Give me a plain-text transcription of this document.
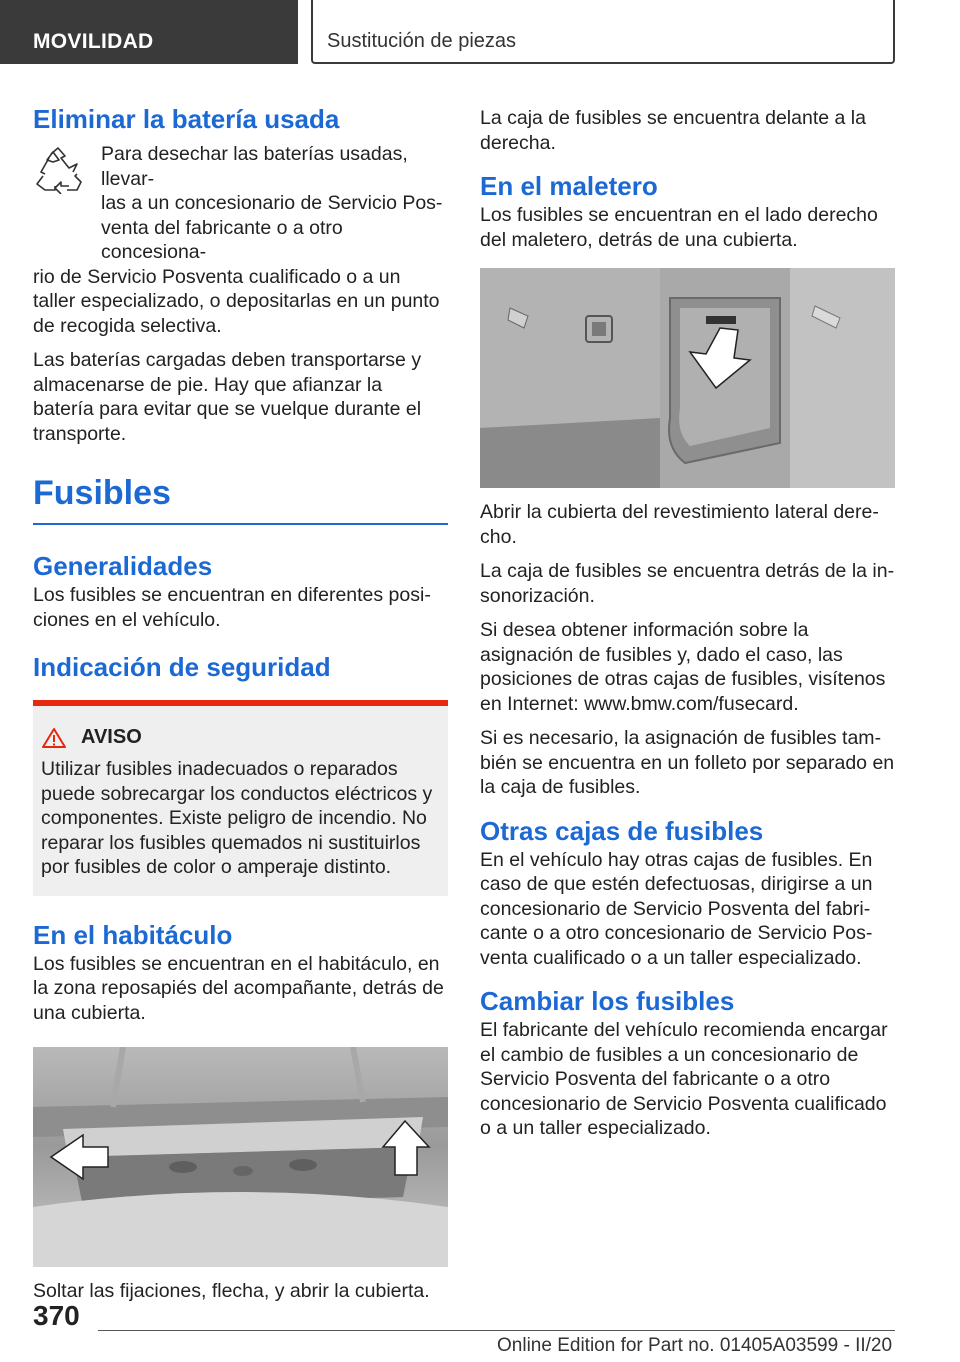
MOVILIDAD	Sustitución de piezas
Eliminar la batería usada

Para desechar las baterías usadas, llevar-

las a un concesionario de Servicio Pos-

venta del fabricante o a otro concesiona-

rio de Servicio Posventa cualificado o a un taller especializado, o depositarlas en un punto de recogida selectiva.

Las baterías cargadas deben transportarse y almacenarse de pie. Hay que afianzar la batería para evitar que se vuelque durante el transporte.

Fusibles
Generalidades

Los fusibles se encuentran en diferentes posiciones en el vehículo.

Indicación de seguridad
AVISO

Utilizar fusibles inadecuados o reparados puede sobrecargar los conductos eléctricos y componentes. Existe peligro de incendio. No reparar los fusibles quemados ni sustituirlos por fusibles de color o amperaje distinto.

En el habitáculo

Los fusibles se encuentran en el habitáculo, en la zona reposapiés del acompañante, detrás de una cubierta.

Soltar las fijaciones, flecha, y abrir la cubierta.

La caja de fusibles se encuentra delante a la derecha.

En el maletero

Los fusibles se encuentran en el lado derecho del maletero, detrás de una cubierta.

Abrir la cubierta del revestimiento lateral derecho.

La caja de fusibles se encuentra detrás de la insonorización.

Si desea obtener información sobre la asignación de fusibles y, dado el caso, las posiciones de otras cajas de fusibles, visítenos en Internet: www.bmw.com/fusecard.

Si es necesario, la asignación de fusibles también se encuentra en un folleto por separado en la caja de fusibles.

Otras cajas de fusibles

En el vehículo hay otras cajas de fusibles. En caso de que estén defectuosas, dirigirse a un concesionario de Servicio Posventa del fabricante o a otro concesionario de Servicio Posventa cualificado o a un taller especializado.

Cambiar los fusibles

El fabricante del vehículo recomienda encargar el cambio de fusibles a un concesionario de Servicio Posventa del fabricante o a otro concesionario de Servicio Posventa cualificado o a un taller especializado.

370
Online Edition for Part no. 01405A03599 - II/20
